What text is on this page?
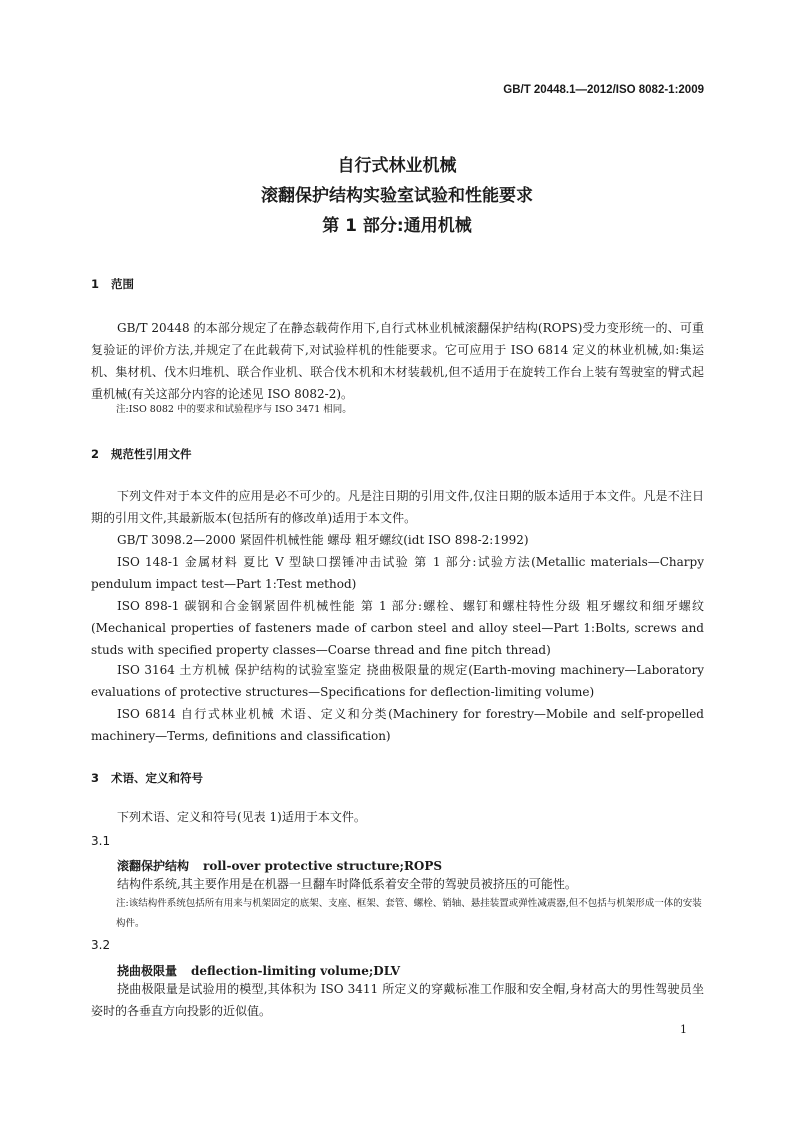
GB/T 20448.1—2012/ISO 8082-1:2009
自行式林业机械
滚翻保护结构实验室试验和性能要求
第 1 部分:通用机械
1 范围
GB/T 20448 的本部分规定了在静态载荷作用下,自行式林业机械滚翻保护结构(ROPS)受力变形统一的、可重复验证的评价方法,并规定了在此载荷下,对试验样机的性能要求。它可应用于 ISO 6814 定义的林业机械,如:集运机、集材机、伐木归堆机、联合作业机、联合伐木机和木材装载机,但不适用于在旋转工作台上装有驾驶室的臂式起重机械(有关这部分内容的论述见 ISO 8082-2)。
注:ISO 8082 中的要求和试验程序与 ISO 3471 相同。
2 规范性引用文件
下列文件对于本文件的应用是必不可少的。凡是注日期的引用文件,仅注日期的版本适用于本文件。凡是不注日期的引用文件,其最新版本(包括所有的修改单)适用于本文件。
GB/T 3098.2—2000 紧固件机械性能 螺母 粗牙螺纹(idt ISO 898-2:1992)
ISO 148-1 金属材料 夏比 V 型缺口摆锤冲击试验 第 1 部分:试验方法(Metallic materials—Charpy pendulum impact test—Part 1:Test method)
ISO 898-1 碳钢和合金钢紧固件机械性能 第 1 部分:螺栓、螺钉和螺柱特性分级 粗牙螺纹和细牙螺纹(Mechanical properties of fasteners made of carbon steel and alloy steel—Part 1:Bolts, screws and studs with specified property classes—Coarse thread and fine pitch thread)
ISO 3164 土方机械 保护结构的试验室鉴定 挠曲极限量的规定(Earth-moving machinery—Laboratory evaluations of protective structures—Specifications for deflection-limiting volume)
ISO 6814 自行式林业机械 术语、定义和分类(Machinery for forestry—Mobile and self-propelled machinery—Terms, definitions and classification)
3 术语、定义和符号
下列术语、定义和符号(见表 1)适用于本文件。
3.1
滚翻保护结构 roll-over protective structure;ROPS
结构件系统,其主要作用是在机器一旦翻车时降低系着安全带的驾驶员被挤压的可能性。
注:该结构件系统包括所有用来与机架固定的底架、支座、框架、套管、螺栓、销轴、悬挂装置或弹性减震器,但不包括与机架形成一体的安装构件。
3.2
挠曲极限量 deflection-limiting volume;DLV
挠曲极限量是试验用的模型,其体积为 ISO 3411 所定义的穿戴标准工作服和安全帽,身材高大的男性驾驶员坐姿时的各垂直方向投影的近似值。
1
